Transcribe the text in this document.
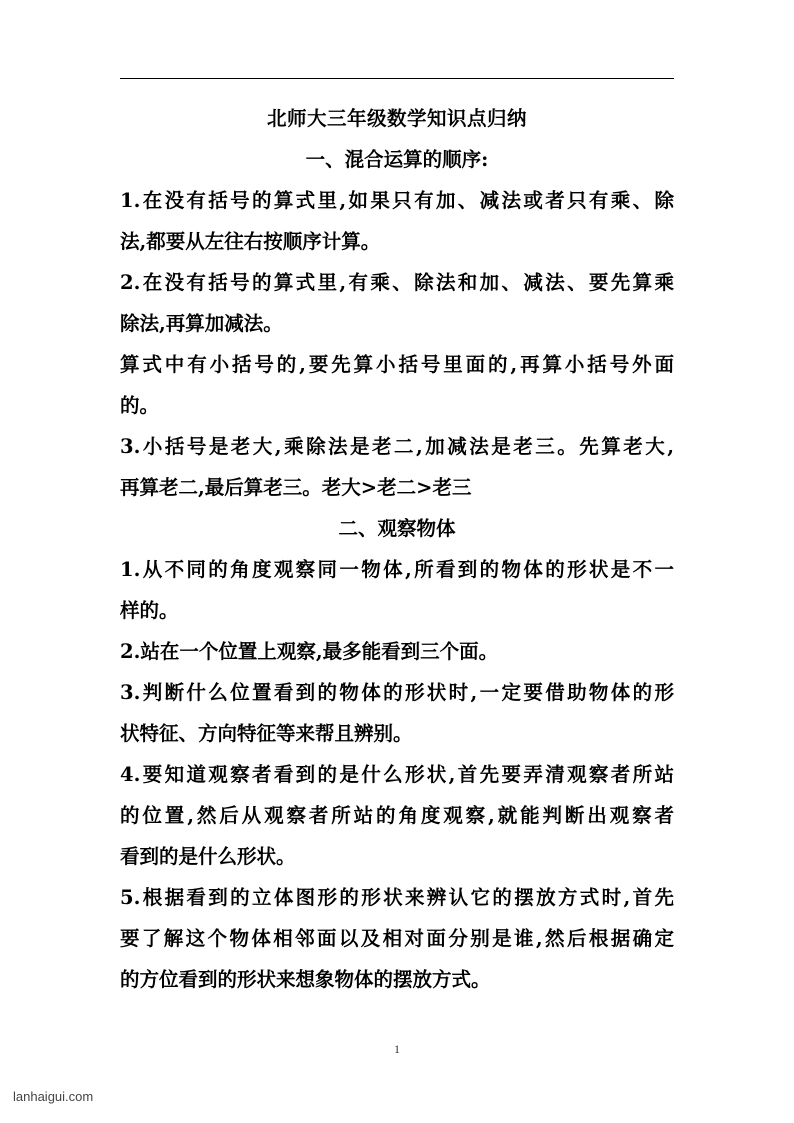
北师大三年级数学知识点归纳
一、混合运算的顺序:
1.在没有括号的算式里,如果只有加、减法或者只有乘、除
法,都要从左往右按顺序计算。
2.在没有括号的算式里,有乘、除法和加、减法、要先算乘
除法,再算加减法。
算式中有小括号的,要先算小括号里面的,再算小括号外面
的。
3.小括号是老大,乘除法是老二,加减法是老三。先算老大,
再算老二,最后算老三。老大>老二>老三
二、观察物体
1.从不同的角度观察同一物体,所看到的物体的形状是不一
样的。
2.站在一个位置上观察,最多能看到三个面。
3.判断什么位置看到的物体的形状时,一定要借助物体的形
状特征、方向特征等来帮且辨别。
4.要知道观察者看到的是什么形状,首先要弄清观察者所站
的位置,然后从观察者所站的角度观察,就能判断出观察者
看到的是什么形状。
5.根据看到的立体图形的形状来辨认它的摆放方式时,首先
要了解这个物体相邻面以及相对面分别是谁,然后根据确定
的方位看到的形状来想象物体的摆放方式。
1
lanhaigui.com
